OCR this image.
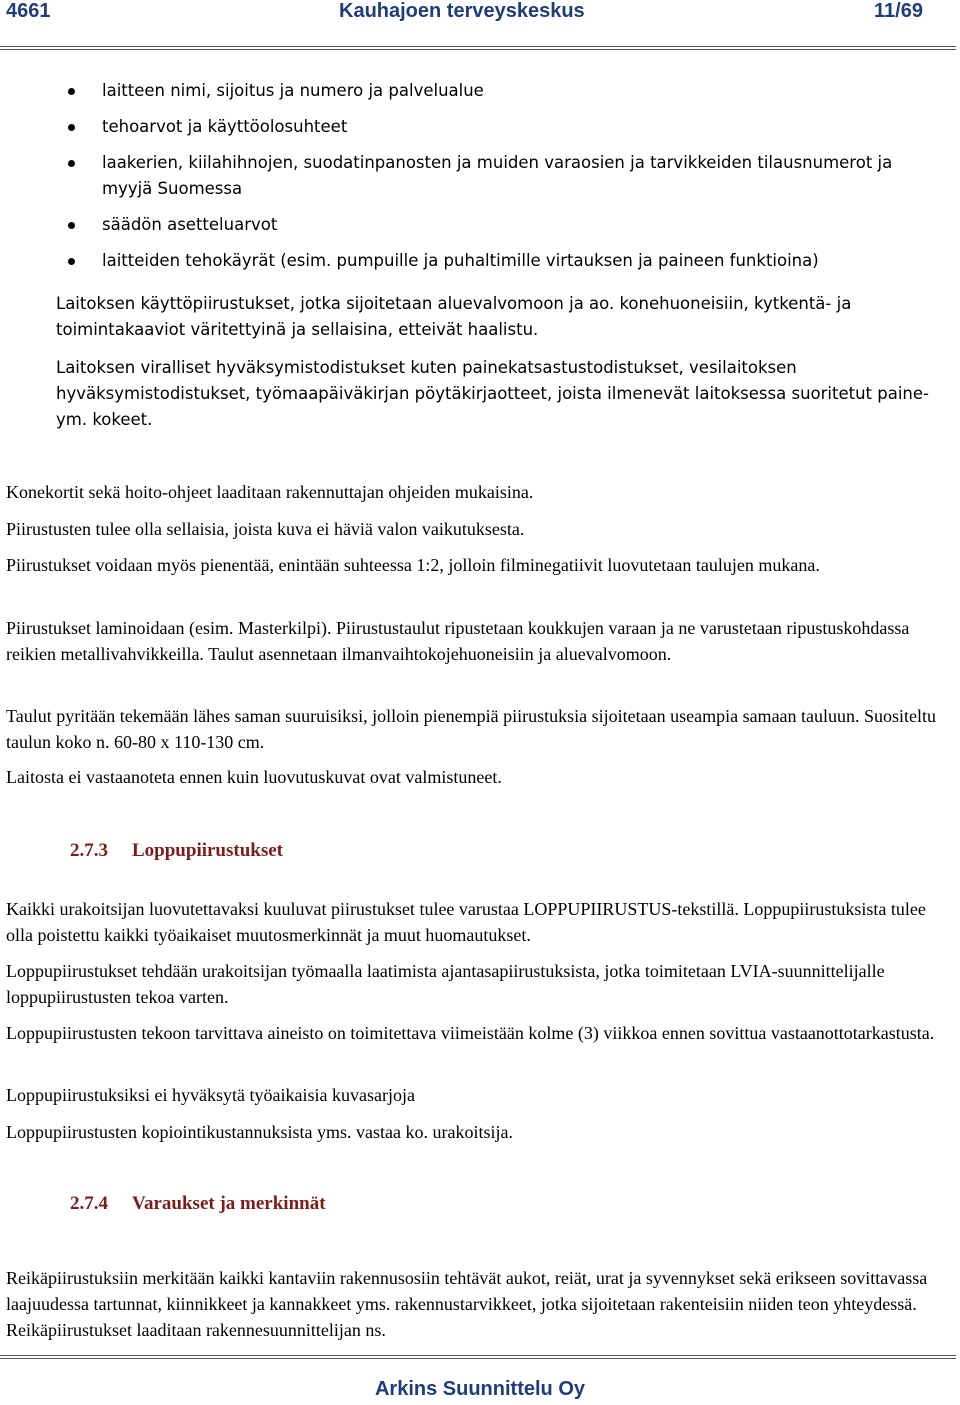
4661	Kauhajoen terveyskeskus	11/69
laitteen nimi, sijoitus ja numero ja palvelualue
tehoarvot ja käyttöolosuhteet
laakerien, kiilahihnojen, suodatinpanosten ja muiden varaosien ja tarvikkeiden tilausnumerot ja myyjä Suomessa
säädön asetteluarvot
laitteiden tehokäyrät (esim. pumpuille ja puhaltimille virtauksen ja paineen funktioina)

Laitoksen käyttöpiirustukset, jotka sijoitetaan aluevalvomoon ja ao. konehuoneisiin, kytkentä- ja toimintakaaviot väritettyinä ja sellaisina, etteivät haalistu.

Laitoksen viralliset hyväksymistodistukset kuten painekatsastustodistukset, vesilaitoksen hyväksymistodistukset, työmaapäiväkirjan pöytäkirjaotteet, joista ilmenevät laitoksessa suoritetut paine- ym. kokeet.

Konekortit sekä hoito-ohjeet laaditaan rakennuttajan ohjeiden mukaisina.

Piirustusten tulee olla sellaisia, joista kuva ei häviä valon vaikutuksesta.

Piirustukset voidaan myös pienentää, enintään suhteessa 1:2, jolloin filminegatiivit luovutetaan taulujen mukana.

Piirustukset laminoidaan (esim. Masterkilpi). Piirustustaulut ripustetaan koukkujen varaan ja ne varustetaan ripustuskohdassa reikien metallivahvikkeilla. Taulut asennetaan ilmanvaihtokojehuoneisiin ja aluevalvomoon.

Taulut pyritään tekemään lähes saman suuruisiksi, jolloin pienempiä piirustuksia sijoitetaan useampia samaan tauluun. Suositeltu taulun koko n. 60-80 x 110-130 cm.

Laitosta ei vastaanoteta ennen kuin luovutuskuvat ovat valmistuneet.

2.7.3 Loppupiirustukset

Kaikki urakoitsijan luovutettavaksi kuuluvat piirustukset tulee varustaa LOPPUPIIRUSTUS-tekstillä. Loppupiirustuksista tulee olla poistettu kaikki työaikaiset muutosmerkinnät ja muut huomautukset.

Loppupiirustukset tehdään urakoitsijan työmaalla laatimista ajantasapiirustuksista, jotka toimitetaan LVIA-suunnittelijalle loppupiirustusten tekoa varten.

Loppupiirustusten tekoon tarvittava aineisto on toimitettava viimeistään kolme (3) viikkoa ennen sovittua vastaanottotarkastusta.

Loppupiirustuksiksi ei hyväksytä työaikaisia kuvasarjoja

Loppupiirustusten kopiointikustannuksista yms. vastaa ko. urakoitsija.

2.7.4 Varaukset ja merkinnät

Reikäpiirustuksiin merkitään kaikki kantaviin rakennusosiin tehtävät aukot, reiät, urat ja syvennykset sekä erikseen sovittavassa laajuudessa tartunnat, kiinnikkeet ja kannakkeet yms. rakennustarvikkeet, jotka sijoitetaan rakenteisiin niiden teon yhteydessä. Reikäpiirustukset laaditaan rakennesuunnittelijan ns.

Arkins Suunnittelu Oy
